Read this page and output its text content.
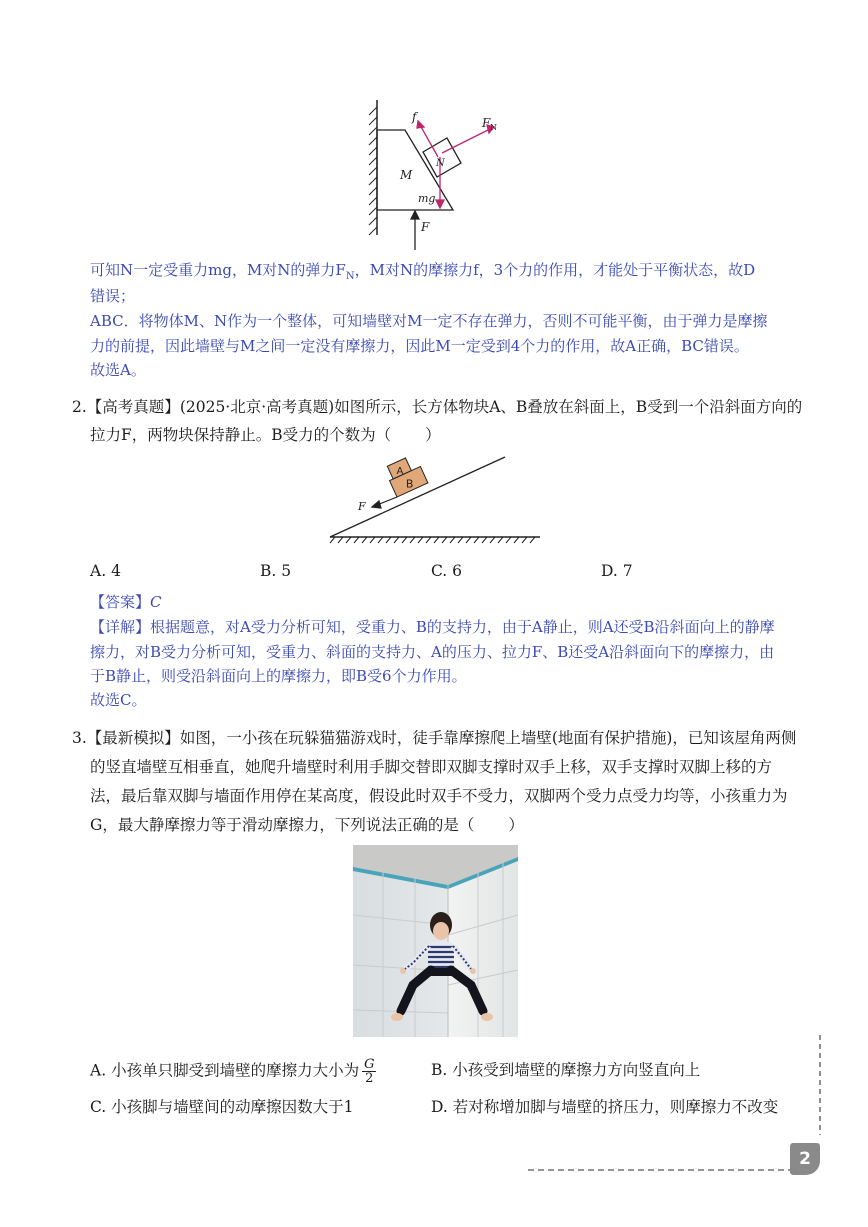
f	F N
N
M
mg
F
可知N一定受重力mg，M对N的弹力$F_N$，M对N的摩擦力f，3个力的作用，才能处于平衡状态，故D
错误；
ABC．将物体M、N作为一个整体，可知墙壁对M一定不存在弹力，否则不可能平衡，由于弹力是摩擦
力的前提，因此墙壁与M之间一定没有摩擦力，因此M一定受到4个力的作用，故A正确，BC错误。
故选A。
2.【高考真题】(2025·北京·高考真题)如图所示，长方体物块A、B叠放在斜面上，B受到一个沿斜面方向的
拉力F，两物块保持静止。B受力的个数为（ ）
B
A
F
A. 4	B. 5	C. 6	D. 7
【答案】C
【详解】根据题意，对A受力分析可知，受重力、B的支持力，由于A静止，则A还受B沿斜面向上的静摩
擦力，对B受力分析可知，受重力、斜面的支持力、A的压力、拉力F、B还受A沿斜面向下的摩擦力，由
于B静止，则受沿斜面向上的摩擦力，即B受6个力作用。
故选C。
3.【最新模拟】如图，一小孩在玩躲猫猫游戏时，徒手靠摩擦爬上墙壁(地面有保护措施)，已知该屋角两侧
的竖直墙壁互相垂直，她爬升墙壁时利用手脚交替即双脚支撑时双手上移，双手支撑时双脚上移的方
法，最后靠双脚与墙面作用停在某高度，假设此时双手不受力，双脚两个受力点受力均等，小孩重力为
G，最大静摩擦力等于滑动摩擦力，下列说法正确的是（ ）
A. 小孩单只脚受到墙壁的摩擦力大小为 $\frac{G}{2}$	B. 小孩受到墙壁的摩擦力方向竖直向上
C. 小孩脚与墙壁间的动摩擦因数大于1	D. 若对称增加脚与墙壁的挤压力，则摩擦力不改变
2
